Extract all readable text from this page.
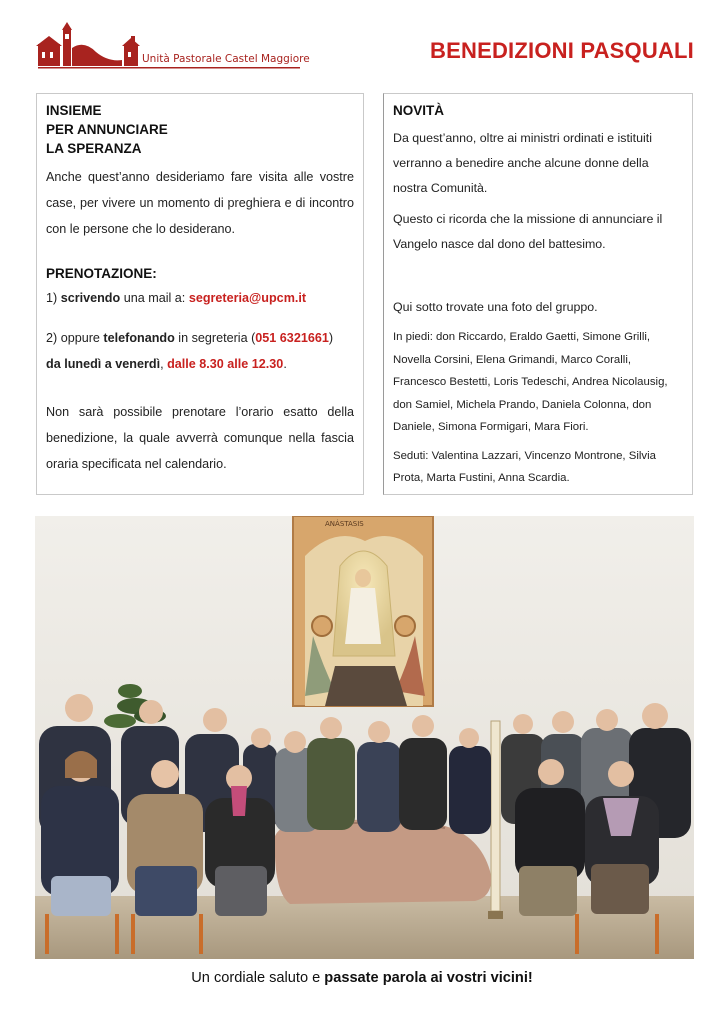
Unità Pastorale Castel Maggiore	BENEDIZIONI PASQUALI

INSIEME

PER ANNUNCIARE

LA SPERANZA

Anche quest’anno desideriamo fare visita alle vostre case, per vivere un momento di preghiera e di incontro con le persone che lo desiderano.

PRENOTAZIONE:

1) scrivendo una mail a: segreteria@upcm.it

2) oppure telefonando in segreteria (051 6321661)
da lunedì a venerdì, dalle 8.30 alle 12.30.

Non sarà possibile prenotare l’orario esatto della benedizione, la quale avverrà comunque nella fascia oraria specificata nel calendario.

NOVITÀ

Da quest’anno, oltre ai ministri ordinati e istituiti verranno a benedire anche alcune donne della nostra Comunità.

Questo ci ricorda che la missione di annunciare il Vangelo nasce dal dono del battesimo.

Qui sotto trovate una foto del gruppo.

In piedi: don Riccardo, Eraldo Gaetti, Simone Grilli, Novella Corsini, Elena Grimandi, Marco Coralli, Francesco Bestetti, Loris Tedeschi, Andrea Nicolausig, don Samiel, Michela Prando, Daniela Colonna, don Daniele, Simona Formigari, Mara Fiori.

Seduti: Valentina Lazzari, Vincenzo Montrone, Silvia Prota, Marta Fustini, Anna Scardia.

ANÁSTASIS
Un cordiale saluto e passate parola ai vostri vicini!
